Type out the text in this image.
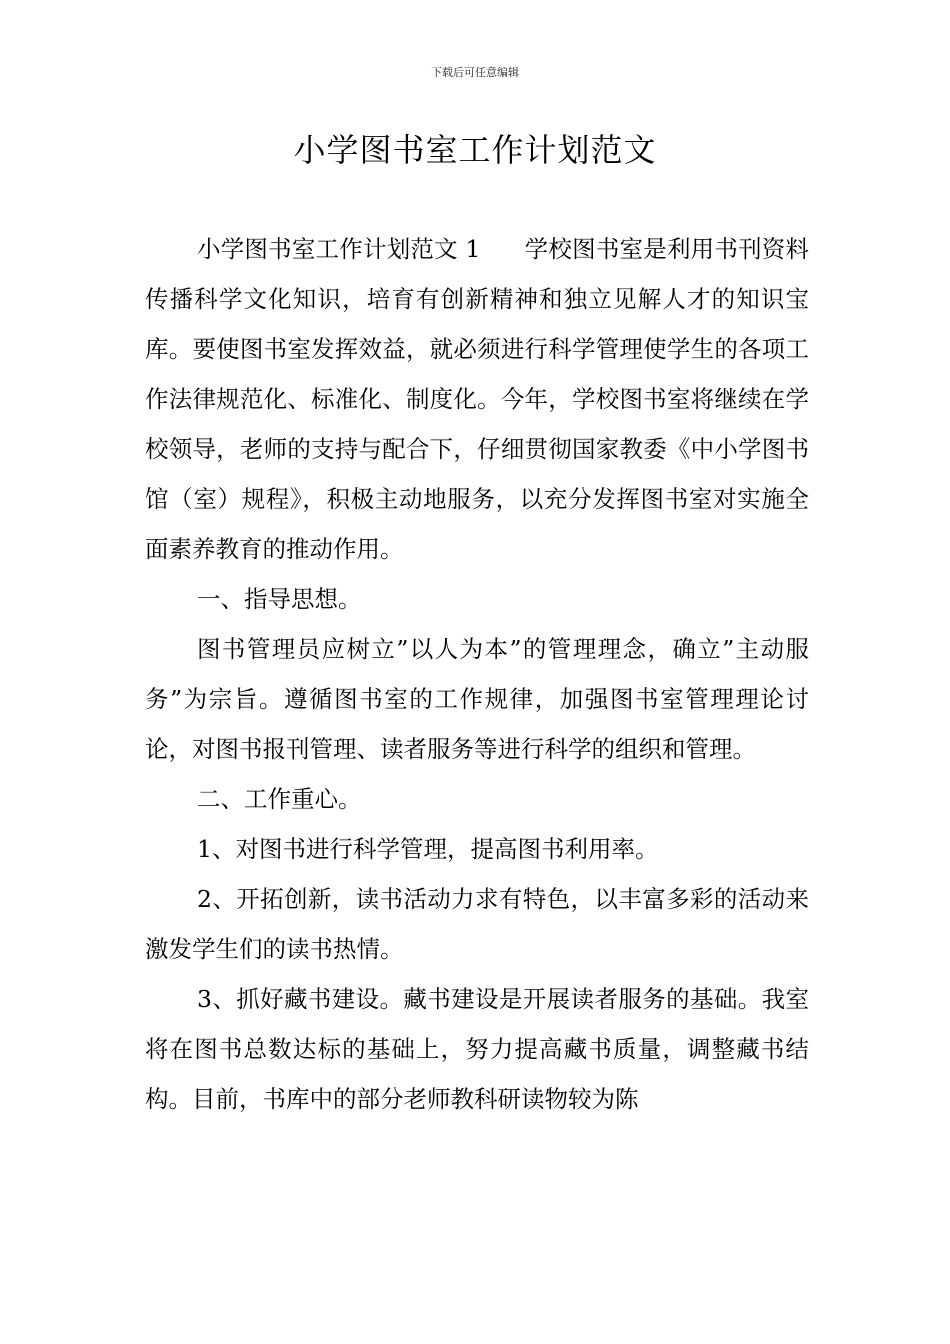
下载后可任意编辑
小学图书室工作计划范文

小学图书室工作计划范文 1 学校图书室是利用书刊资料传播科学文化知识，培育有创新精神和独立见解人才的知识宝库。要使图书室发挥效益，就必须进行科学管理使学生的各项工作法律规范化、标准化、制度化。今年，学校图书室将继续在学校领导，老师的支持与配合下，仔细贯彻国家教委《中小学图书馆（室）规程》，积极主动地服务，以充分发挥图书室对实施全面素养教育的推动作用。

一、指导思想。

图书管理员应树立”以人为本”的管理理念，确立”主动服务”为宗旨。遵循图书室的工作规律，加强图书室管理理论讨论，对图书报刊管理、读者服务等进行科学的组织和管理。

二、工作重心。

1、对图书进行科学管理，提高图书利用率。

2、开拓创新，读书活动力求有特色，以丰富多彩的活动来激发学生们的读书热情。

3、抓好藏书建设。藏书建设是开展读者服务的基础。我室将在图书总数达标的基础上，努力提高藏书质量，调整藏书结构。目前，书库中的部分老师教科研读物较为陈
